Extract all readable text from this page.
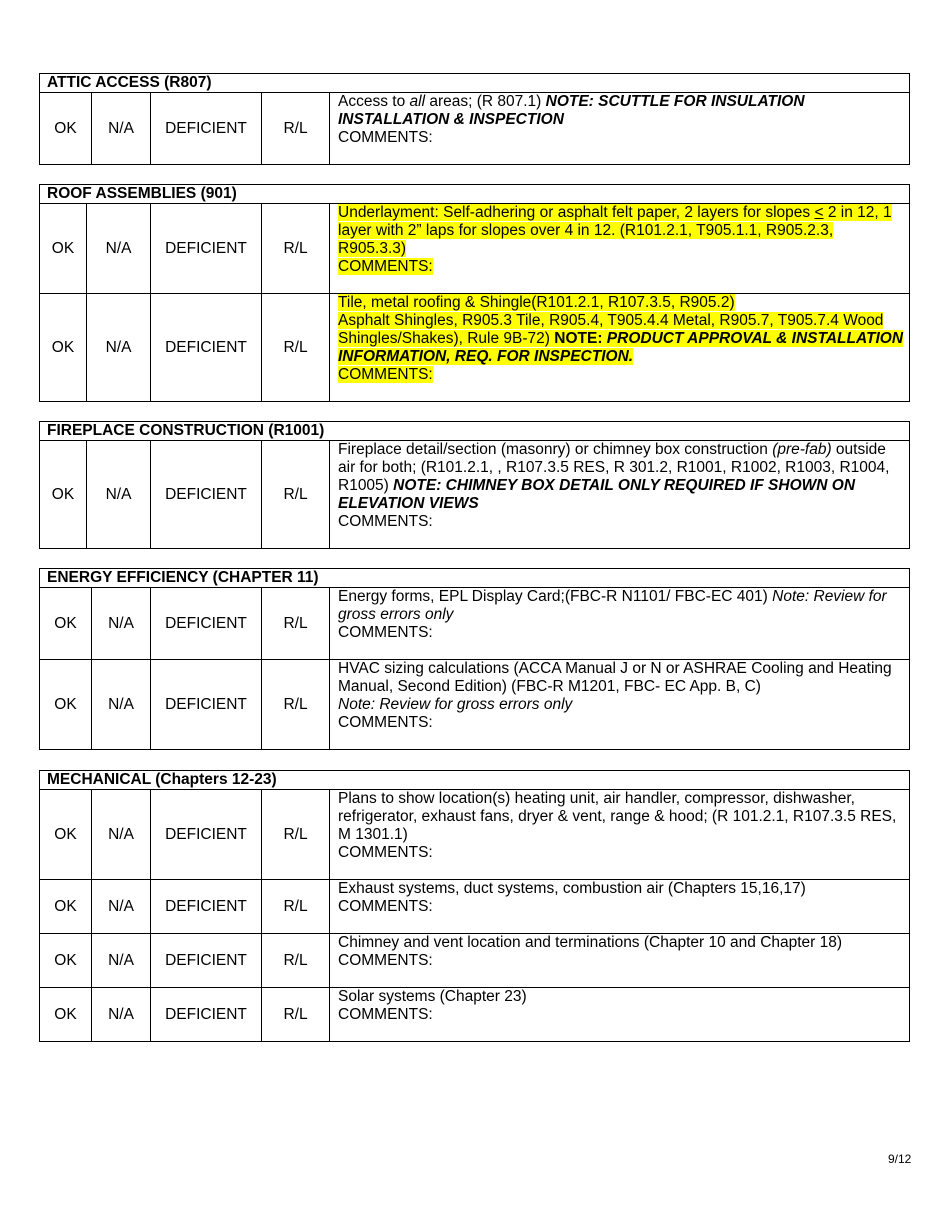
ATTIC ACCESS (R807)
OK	N/A	DEFICIENT	R/L	Access to all areas; (R 807.1) NOTE: SCUTTLE FOR INSULATION INSTALLATION & INSPECTION
COMMENTS:
ROOF ASSEMBLIES (901)				
OK	N/A	DEFICIENT	R/L	Underlayment: Self-adhering or asphalt felt paper, 2 layers for slopes < 2 in 12, 1 layer with 2” laps for slopes over 4 in 12. (R101.2.1, T905.1.1, R905.2.3, R905.3.3)
COMMENTS:
OK	N/A	DEFICIENT	R/L	Tile, metal roofing & Shingle(R101.2.1, R107.3.5, R905.2)
Asphalt Shingles, R905.3 Tile, R905.4, T905.4.4 Metal, R905.7, T905.7.4 Wood Shingles/Shakes), Rule 9B-72) NOTE: PRODUCT APPROVAL & INSTALLATION INFORMATION, REQ. FOR INSPECTION.
COMMENTS:
FIREPLACE CONSTRUCTION (R1001)
OK	N/A	DEFICIENT	R/L	Fireplace detail/section (masonry) or chimney box construction (pre-fab) outside air for both; (R101.2.1, , R107.3.5 RES, R 301.2, R1001, R1002, R1003, R1004, R1005) NOTE: CHIMNEY BOX DETAIL ONLY REQUIRED IF SHOWN ON ELEVATION VIEWS
COMMENTS:
ENERGY EFFICIENCY (CHAPTER 11)				
OK	N/A	DEFICIENT	R/L	Energy forms, EPL Display Card;(FBC-R N1101/ FBC-EC 401) Note: Review for gross errors only
COMMENTS:
OK	N/A	DEFICIENT	R/L	HVAC sizing calculations (ACCA Manual J or N or ASHRAE Cooling and Heating Manual, Second Edition) (FBC-R M1201, FBC- EC App. B, C)
Note: Review for gross errors only
COMMENTS:
MECHANICAL (Chapters 12-23)				
OK	N/A	DEFICIENT	R/L	Plans to show location(s) heating unit, air handler, compressor, dishwasher, refrigerator, exhaust fans, dryer & vent, range & hood; (R 101.2.1, R107.3.5 RES, M 1301.1)
COMMENTS:
OK	N/A	DEFICIENT	R/L	Exhaust systems, duct systems, combustion air (Chapters 15,16,17)
COMMENTS:
OK	N/A	DEFICIENT	R/L	Chimney and vent location and terminations (Chapter 10 and Chapter 18)
COMMENTS:
OK	N/A	DEFICIENT	R/L	Solar systems (Chapter 23)
COMMENTS:
9/12
